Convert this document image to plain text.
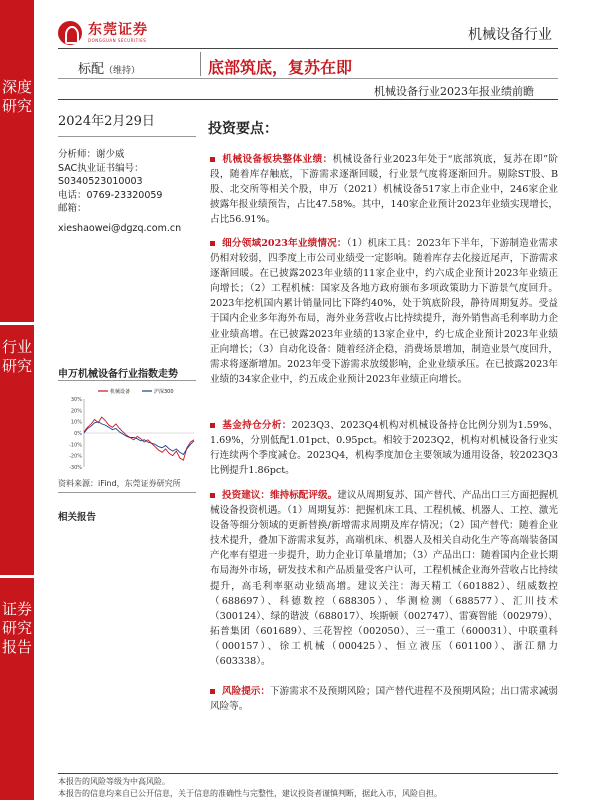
深度研究
行业研究
证券研究报告
东莞证券
DONGGUAN SECURITIES	机械设备行业
标配（维持）	底部筑底，复苏在即
机械设备行业2023年报业绩前瞻
2024年2月29日
分析师：谢少威
SAC执业证书编号：
S0340523010003
电话：0769-23320059
邮箱：
xieshaowei@dgzq.com.cn
申万机械设备行业指数走势
30%
20%
10%
0%
-10%
-20%
-30%
机械设备	沪深300
资料来源：iFind，东莞证券研究所
相关报告
投资要点：
机械设备板块整体业绩：机械设备行业2023年处于“底部筑底，复苏在即”阶段，随着库存触底，下游需求逐渐回暖，行业景气度将逐渐回升。剔除ST股、B股、北交所等相关个股，申万（2021）机械设备517家上市企业中，246家企业披露年报业绩预告，占比47.58%。其中，140家企业预计2023年业绩实现增长，占比56.91%。
细分领域2023年业绩情况：（1）机床工具：2023年下半年，下游制造业需求仍相对较弱，四季度上市公司业绩受一定影响。随着库存去化接近尾声，下游需求逐渐回暖。在已披露2023年业绩的11家企业中，约六成企业预计2023年业绩正向增长；（2）工程机械：国家及各地方政府颁布多项政策助力下游景气度回升。2023年挖机国内累计销量同比下降约40%，处于筑底阶段，静待周期复苏。受益于国内企业多年海外布局，海外业务营收占比持续提升，海外销售高毛利率助力企业业绩高增。在已披露2023年业绩的13家企业中，约七成企业预计2023年业绩正向增长；（3）自动化设备：随着经济企稳，消费场景增加，制造业景气度回升，需求将逐渐增加。2023年受下游需求放缓影响，企业业绩承压。在已披露2023年业绩的34家企业中，约五成企业预计2023年业绩正向增长。
基金持仓分析：2023Q3、2023Q4机构对机械设备持仓比例分别为1.59%、1.69%，分别低配1.01pct、0.95pct。相较于2023Q2，机构对机械设备行业实行连续两个季度减仓。2023Q4，机构季度加仓主要领域为通用设备，较2023Q3比例提升1.86pct。
投资建议：维持标配评级。建议从周期复苏、国产替代、产品出口三方面把握机械设备投资机遇。（1）周期复苏：把握机床工具、工程机械、机器人、工控、激光设备等细分领域的更新替换/新增需求周期及库存情况；（2）国产替代：随着企业技术提升，叠加下游需求复苏，高端机床、机器人及相关自动化生产等高端装备国产化率有望进一步提升，助力企业订单量增加；（3）产品出口：随着国内企业长期布局海外市场，研发技术和产品质量受客户认可，工程机械企业海外营收占比持续提升，高毛利率驱动业绩高增。建议关注：海天精工（601882）、纽威数控（688697）、科德数控（688305）、华测检测（688577）、汇川技术（300124）、绿的谐波（688017）、埃斯顿（002747）、雷赛智能（002979）、拓普集团（601689）、三花智控（002050）、三一重工（600031）、中联重科（000157）、徐工机械（000425）、恒立液压（601100）、浙江鼎力（603338）。
风险提示：下游需求不及预期风险；国产替代进程不及预期风险；出口需求减弱风险等。
本报告的风险等级为中高风险。
本报告的信息均来自已公开信息，关于信息的准确性与完整性，建议投资者谨慎判断，据此入市，风险自担。
